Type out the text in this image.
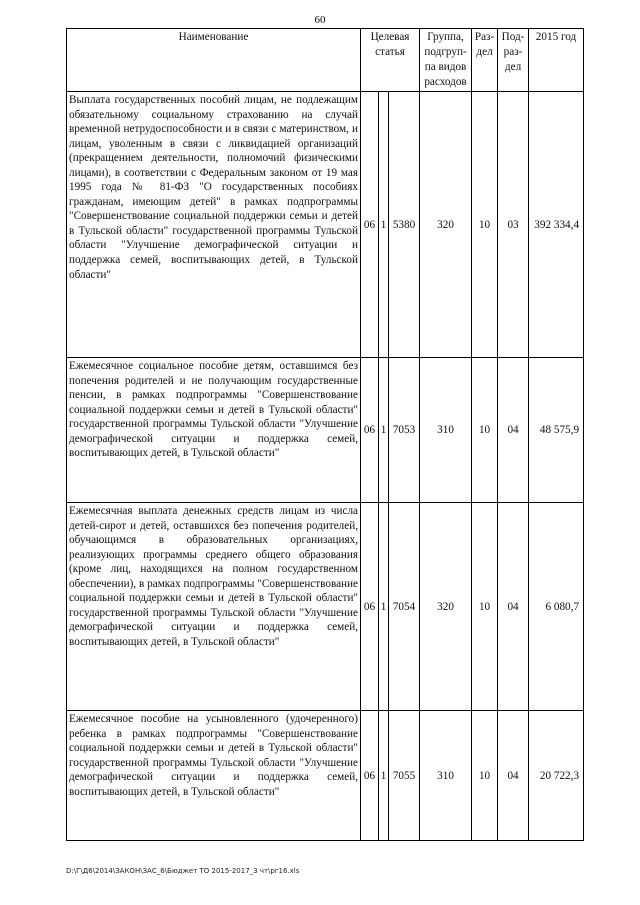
60
Наименование	Целевая статья			Группа, подгруп-па видов расходов	Раз-дел	Под-раз-дел	2015 год
Выплата государственных пособий лицам, не подлежащим обязательному социальному страхованию на случай временной нетрудоспособности и в связи с материнством, и лицам, уволенным в связи с ликвидацией организаций (прекращением деятельности, полномочий физическими лицами), в соответствии с Федеральным законом от 19 мая 1995 года № 81-ФЗ "О государственных пособиях гражданам, имеющим детей" в рамках подпрограммы "Совершенствование социальной поддержки семьи и детей в Тульской области" государственной программы Тульской области "Улучшение демографической ситуации и поддержка семей, воспитывающих детей, в Тульской области"	06	1	5380	320	10	03	392 334,4
Ежемесячное социальное пособие детям, оставшимся без попечения родителей и не получающим государственные пенсии, в рамках подпрограммы "Совершенствование социальной поддержки семьи и детей в Тульской области" государственной программы Тульской области "Улучшение демографической ситуации и поддержка семей, воспитывающих детей, в Тульской области"	06	1	7053	310	10	04	48 575,9
Ежемесячная выплата денежных средств лицам из числа детей-сирот и детей, оставшихся без попечения родителей, обучающимся в образовательных организациях, реализующих программы среднего общего образования (кроме лиц, находящихся на полном государственном обеспечении), в рамках подпрограммы "Совершенствование социальной поддержки семьи и детей в Тульской области" государственной программы Тульской области "Улучшение демографической ситуации и поддержка семей, воспитывающих детей, в Тульской области"	06	1	7054	320	10	04	6 080,7
Ежемесячное пособие на усыновленного (удочеренного) ребенка в рамках подпрограммы "Совершенствование социальной поддержки семьи и детей в Тульской области" государственной программы Тульской области "Улучшение демографической ситуации и поддержка семей, воспитывающих детей, в Тульской области"	06	1	7055	310	10	04	20 722,3
D:\Г\Д6\2014\ЗАКОН\ЗАС_6\Бюджет ТО 2015-2017_3 чт\рг16.xls
